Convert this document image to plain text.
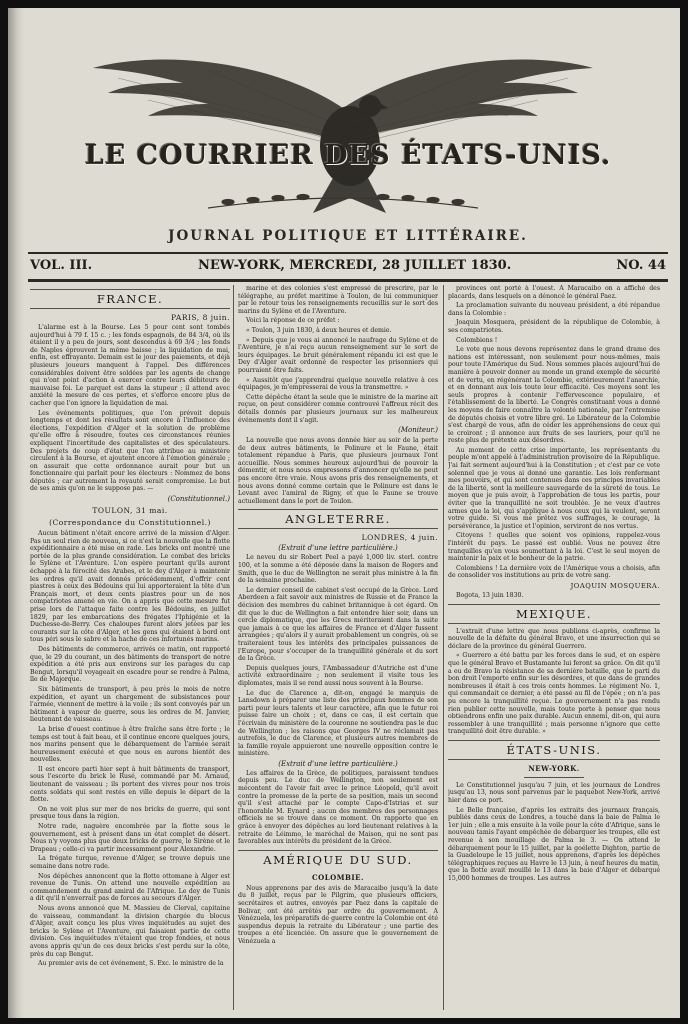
LE COURRIER DES ÉTATS-UNIS.
JOURNAL POLITIQUE ET LITTÉRAIRE.
VOL. III.	NEW-YORK, MERCREDI, 28 JUILLET 1830.	NO. 44
FRANCE.
PARIS, 8 juin.

L'alarme est à la Bourse. Les 5 pour cent sont tombés aujourd'hui à 79 f. 15 c. ; les fonds espagnols, de 84 3/4, où ils étaient il y a peu de jours, sont descendus à 69 3/4 ; les fonds de Naples éprouvent la même baisse ; la liquidation de mai, enfin, est effrayante. Demain est le jour des paiements, et déjà plusieurs joueurs manquent à l'appel. Des différences considérables doivent être soldées par les agents de change qui n'ont point d'action à exercer contre leurs débiteurs de mauvaise foi. Le parquet est dans la stupeur ; il attend avec anxiété la mesure de ces pertes, et s'efforce encore plus de cacher que l'on ignore la liquidation de mai.

Les événements politiques, que l'on prévoit depuis longtemps et dont les résultats sont encore à l'influence des élections, l'expédition d'Alger et la solution de problème qu'elle offre à résoudre, toutes ces circonstances réunies expliquent l'incertitude des capitalistes et des spéculateurs. Des projets de coup d'état que l'on attribue au ministère circulent à la Bourse, et ajoutent encore à l'émotion générale ; on assurait que cette ordonnance aurait pour but un fonctionnaire qui parlait pour les électeurs : Nommez de bons députés ; car autrement la royauté serait compromise. Le but de ses amis qu'on ne le suppose pas. —

(Constitutionnel.)

TOULON, 31 mai.
(Correspondance du Constitutionnel.)

Aucun bâtiment n'était encore arrivé de la mission d'Alger. Pas un seul rien de nouveau, si ce n'est la nouvelle que la flotte expéditionnaire a été mise en rade. Les bricks ont montré une portée de la plus grande considération. Le combat des bricks le Sylène et l'Aventure. L'on espère pourtant qu'ils auront échappé à la férocité des Arabes, et le dey d'Alger à maintenir les ordres qu'il avait donnés précédemment, d'offrir cent piastres à ceux des Bédouins qui lui apporteraient la tête d'un Français mort, et deux cents piastres pour un de nos compatriotes amené en vie. On a appris que cette mesure fut prise lors de l'attaque faite contre les Bédouins, en juillet 1829, par les embarcations des frégates l'Iphigénie et la Duchesse-de-Berry. Ces chaloupes furent alors jetées par les courants sur la côte d'Alger, et les gens qui étaient à bord ont tous péri sous le sabre et la hache de ces infortunés marins.

Des bâtiments de commerce, arrivés ce matin, ont rapporté que, le 29 du courant, un des bâtiments de transport de notre expédition a été pris aux environs sur les parages du cap Bengut, lorsqu'il voyageait en escadre pour se rendre à Palma, île de Majorque.

Six bâtiments de transport, à peu près le mois de notre expédition, et ayant un chargement de subsistances pour l'armée, viennent de mettre à la voile ; ils sont convoyés par un bâtiment à vapeur de guerre, sous les ordres de M. Janvier, lieutenant de vaisseau.

La brise d'ouest continue à être fraîche sans être forte ; le temps est tout à fait beau, et il continue encore quelques jours, nos marins pensent que le débarquement de l'armée serait heureusement exécuté et que nous en aurons bientôt des nouvelles.

Il est encore parti hier sept à huit bâtiments de transport, sous l'escorte du brick le Rusé, commandé par M. Arnaud, lieutenant de vaisseau ; ils portent des vivres pour nos trois cents soldats qui sont restés en ville depuis le départ de la flotte.

On ne voit plus sur mer de nos bricks de guerre, qui sont presque tous dans la région.

Notre rade, naguère encombrée par la flotte sous le gouvernement, est à présent dans un état complet de désert. Nous n'y voyons plus que deux bricks de guerre, le Sirène et le Drapeau ; celle-ci va partir incessamment pour Alexandrie.

La frégate turque, revenue d'Alger, se trouve depuis une semaine dans notre rade.

Nos dépêches annoncent que la flotte ottomane à Alger est revenue de Tunis. On attend une nouvelle expédition au commandement du grand amiral de l'Afrique. Le dey de Tunis a dit qu'il n'enverrait pas de forces au secours d'Alger.

Nous avons annoncé que M. Massieu de Clerval, capitaine de vaisseau, commandant la division chargée du blocus d'Alger, avait conçu les plus vives inquiétudes au sujet des bricks le Sylène et l'Aventure, qui faisaient partie de cette division. Ces inquiétudes n'étaient que trop fondées, et nous avons appris qu'un de ces deux bricks s'est perdu sur la côte, près du cap Bengut.

Au premier avis de cet événement, S. Exc. le ministre de la

marine et des colonies s'est empressé de prescrire, par le télégraphe, au préfet maritime à Toulon, de lui communiquer par le retour tous les renseignements recueillis sur le sort des marins du Sylène et de l'Aventure.

Voici la réponse de ce préfet :

« Toulon, 3 juin 1830, à deux heures et demie.

« Depuis que je vous ai annoncé le naufrage du Sylène et de l'Aventure, je n'ai reçu aucun renseignement sur le sort de leurs équipages. Le bruit généralement répandu ici est que le Dey d'Alger avait ordonné de respecter les prisonniers qui pourraient être faits.

« Aussitôt que j'apprendrai quelque nouvelle relative à ces équipages, je m'empresserai de vous la transmettre. »

Cette dépêche étant la seule que le ministre de la marine ait reçue, on peut considérer comme controuvé l'affreux récit des détails donnés par plusieurs journaux sur les malheureux événements dont il s'agit.

(Moniteur.)

La nouvelle que nous avons donnée hier au soir de la perte de deux autres bâtiments, le Polinure et le Faune, était totalement répandue à Paris, que plusieurs journaux l'ont accueillie. Nous sommes heureux aujourd'hui de pouvoir la démentir, et nous nous empressons d'annoncer qu'elle ne peut pas encore être vraie. Nous avons pris des renseignements, et nous avons donné comme certain que le Polinure est dans le Levant avec l'amiral de Rigny, et que le Faune se trouve actuellement dans le port de Toulon.

ANGLETERRE.
LONDRES, 4 juin.
(Extrait d'une lettre particulière.)

Le neveu du sir Robert Peel a payé 1,000 liv. sterl. contre 100, et la somme a été déposée dans la maison de Rogers and Smith, que le duc de Wellington ne serait plus ministre à la fin de la semaine prochaine.

Le dernier conseil de cabinet s'est occupé de la Grèce. Lord Aberdeen a fait savoir aux ministres de Russie et de France la décision des membres du cabinet britannique à cet égard. On dit que le duc de Wellington a fait entendre hier soir, dans un cercle diplomatique, que les Grecs mériteraient dans la suite que jamais à ce que les affaires de France et d'Alger fussent arrangées ; qu'alors il y aurait probablement un congrès, où se traiteraient tous les intérêts des principales puissances de l'Europe, pour s'occuper de la tranquillité générale et du sort de la Grèce.

Depuis quelques jours, l'Ambassadeur d'Autriche est d'une activité extraordinaire ; non seulement il visite tous les diplomates, mais il se rend aussi nous souvent à la Bourse.

Le duc de Clarence a, dit-on, engagé le marquis de Lansdown à préparer une liste des principaux hommes de son parti pour leurs talents et leur caractère, afin que le futur roi puisse faire un choix ; et, dans ce cas, il est certain que l'écrivain du ministère de la couronne ne soutiendra pas le duc de Wellington ; les raisons que Georges IV ne réclamait pas autrefois, le duc de Clarence, et plusieurs autres membres de la famille royale appuieront une nouvelle opposition contre le ministère.

(Extrait d'une lettre particulière.)

Les affaires de la Grèce, de politiques, paraissent tendues depuis peu. Le duc de Wellington, non seulement est mécontent de l'avoir fait avec le prince Léopold, qu'il avoit contre la promesse de la perte de sa position, mais un second qu'il s'est attaché par le compte Capo-d'Istrias et sur l'honorable M. Eynard ; aucun des membres des personnages officiels ne se trouve dans ce moment. On rapporte que en grâce à envoyer des dépêches au lord lieutenant relatives à la retraite de Léimmo, le maréchal de Maison, qui ne sont pas favorables aux intérêts du président de la Grèce.

AMÉRIQUE DU SUD.
COLOMBIE.

Nous apprenons par des avis de Maracaibo jusqu'à la date du 8 juillet, reçus par le Pilgrim, que plusieurs officiers, secrétaires et autres, envoyés par Paez dans la capitale de Bolivar, ont été arrêtés par ordre du gouvernement. A Vénézuela, les préparatifs de guerre contre la Colombie ont été suspendus depuis la retraite du Libérateur ; une partie des troupes a été licenciée. On assure que le gouvernement de Vénézuela a

provinces ont porté à l'ouest. A Maracaibo on a affiché des placards, dans lesquels on a dénoncé le général Paez.

La proclamation suivante du nouveau président, a été répandue dans la Colombie :

Joaquin Mosquera, président de la république de Colombie, à ses compatriotes.

Colombiens !

Le vote que nous devons représentez dans le grand drame des nations est intéressant, non seulement pour nous-mêmes, mais pour toute l'Amérique du Sud. Nous sommes placés aujourd'hui de manière à pouvoir donner au monde un grand exemple de sécurité et de vertu, en régénérant la Colombie, extérieurement l'anarchie, et en donnant aux lois toute leur efficacité. Ces moyens sont les seuls propres à contenir l'effervescence populaire, et l'établissement de la liberté. Le Congrès constituant vous a donné les moyens de faire connaître la volonté nationale, par l'entremise de députés choisis et votre libre gré. Le Libérateur de la Colombie s'est chargé de vous, afin de céder les appréhensions de ceux qui le croiront ; il annonce aux fruits de ses lauriers, pour qu'il ne reste plus de prétexte aux désordres.

Au moment de cette crise importante, les représentants du peuple m'ont appelé à l'administration provisoire de la République. J'ai fait serment aujourd'hui à la Constitution ; et c'est par ce vote solennel que je vous ai donné une garantie. Les lois renfermant mes pouvoirs, et qui sont contenues dans ces principes invariables de la liberté, sont la meilleure sauvegarde de la sûreté de tous. Le moyen que je puis avoir, à l'approbation de tous les partis, pour éviter que la tranquillité ne soit troublée. Je ne veux d'autres armes que la loi, qui s'applique à nous ceux qui la veulent, seront votre guide. Si vous me prêtez vos suffrages, le courage, la persévérance, la justice et l'opinion, serviront de nos vertus.

Citoyens ! quelles que soient vos opinions, rappelez-vous l'intérêt du pays. Le passé est oublié. Vous ne pouvez être tranquilles qu'en vous soumettant à la loi. C'est le seul moyen de maintenir la paix et le bonheur de la patrie.

Colombiens ! La dernière voix de l'Amérique vous a choisis, afin de consolider vos institutions au prix de votre sang.

JOAQUIN MOSQUERA.

Bogota, 13 juin 1830.

MEXIQUE.

L'extrait d'une lettre que nous publions ci-après, confirme la nouvelle de la défaite du général Bravo, et une insurrection qui se déclare de la province du général Guerrero.

« Guerrero a été battu par les forces dans le sud, et on espère que le général Bravo et Bustamante lui feront sa grâce. On dit qu'il a eu de Bravo la résistance de sa dernière bataille, que le parti du bon droit l'emporte enfin sur les désordres, et que dans de grandes nombreuses il était à ces trois cents hommes. Le régiment No. 1, qui commandait ce dernier, a été passé au fil de l'épée ; on n'a pas pu encore la tranquillité reçue. Le gouvernement n'a pas rendu rien publier cette nouvelle, mais toute porte à penser que nous obtiendrons enfin une paix durable. Aucun ennemi, dit-on, qui aura ressembler à une tranquillité ; mais personne n'ignore que cette tranquillité doit être durable. »

ÉTATS-UNIS.
NEW-YORK.

Le Constitutionnel jusqu'au 7 juin, et les journaux de Londres jusqu'au 13, nous sont parvenus par le paquebot New-York, arrivé hier dans ce port.

Le Belle française, d'après les extraits des journaux français, publiés dans ceux de Londres, a touché dans la baie de Palma le 1er juin ; elle a mis ensuite à la voile pour la côte d'Afrique, sans le nouveau tamis l'ayant empêchée de débarquer les troupes, elle est revenue à son mouillage de Palma le 3. — On attend le débarquement pour le 15 juillet, par la goélette Dighton, partie de la Guadeloupe le 15 juillet, nous apprenons, d'après les dépêches télégraphiques reçues au Havre le 13 juin, à neuf heures du matin, que la flotte avait mouillé le 13 dans la baie d'Alger et débarqué 15,000 hommes de troupes. Les autres
